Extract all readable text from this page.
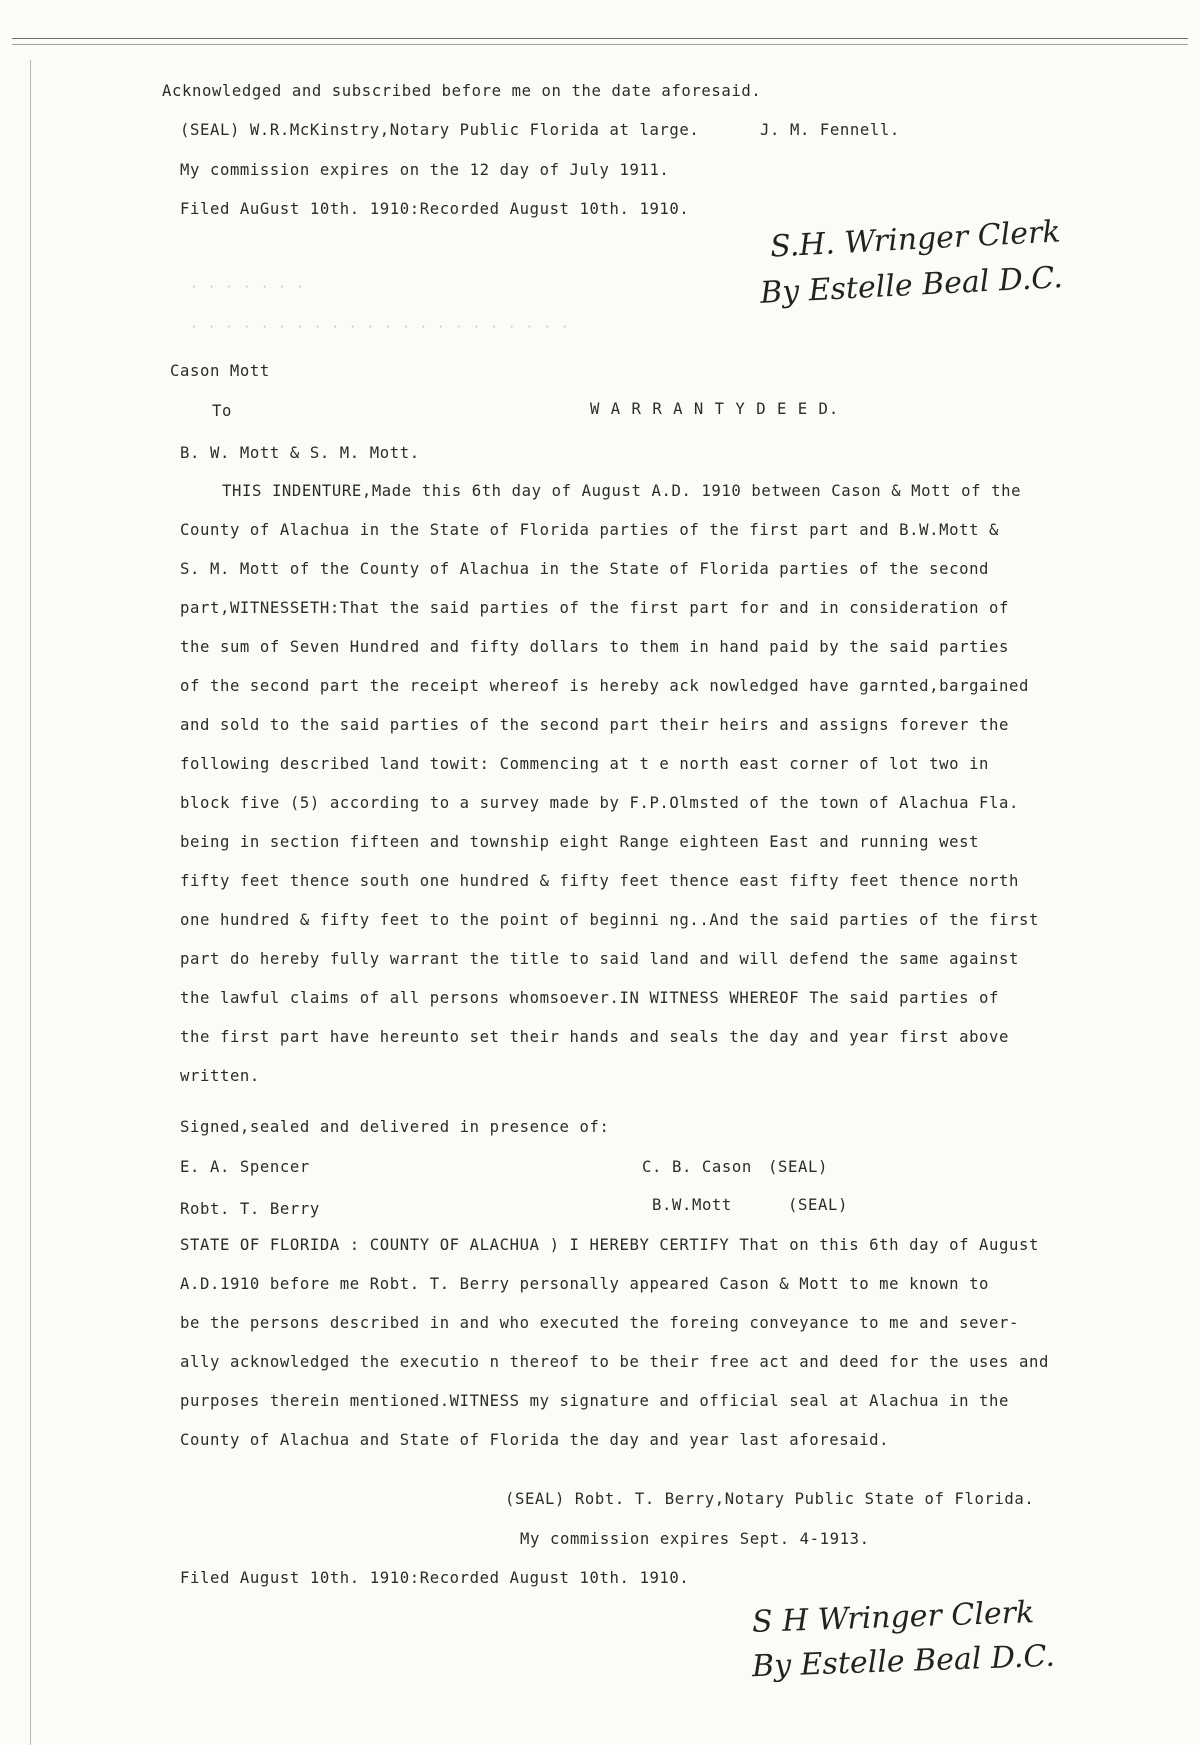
Acknowledged and subscribed before me on the date aforesaid.
(SEAL) W.R.McKinstry,Notary Public Florida at large.	J. M. Fennell.
My commission expires on the 12 day of July 1911.
Filed AuGust 10th. 1910:Recorded August 10th. 1910.
S.H. Wringer Clerk
By Estelle Beal D.C.
· · · · · · ·
· · · · · · · · · · · · · · · · · · · · · ·
Cason Mott
To	W A R R A N T Y D E E D.
B. W. Mott & S. M. Mott.
THIS INDENTURE,Made this 6th day of August A.D. 1910 between Cason & Mott of the
County of Alachua in the State of Florida parties of the first part and B.W.Mott &
S. M. Mott of the County of Alachua in the State of Florida parties of the second
part,WITNESSETH:That the said parties of the first part for and in consideration of
the sum of Seven Hundred and fifty dollars to them in hand paid by the said parties
of the second part the receipt whereof is hereby ack nowledged have garnted,bargained
and sold to the said parties of the second part their heirs and assigns forever the
following described land towit: Commencing at t e north east corner of lot two in
block five (5) according to a survey made by F.P.Olmsted of the town of Alachua Fla.
being in section fifteen and township eight Range eighteen East and running west
fifty feet thence south one hundred & fifty feet thence east fifty feet thence north
one hundred & fifty feet to the point of beginni ng..And the said parties of the first
part do hereby fully warrant the title to said land and will defend the same against
the lawful claims of all persons whomsoever.IN WITNESS WHEREOF The said parties of
the first part have hereunto set their hands and seals the day and year first above
written.
Signed,sealed and delivered in presence of:
E. A. Spencer	C. B. Cason (SEAL)
Robt. T. Berry	B.W.Mott	(SEAL)
STATE OF FLORIDA : COUNTY OF ALACHUA ) I HEREBY CERTIFY That on this 6th day of August
A.D.1910 before me Robt. T. Berry personally appeared Cason & Mott to me known to
be the persons described in and who executed the foreing conveyance to me and sever-
ally acknowledged the executio n thereof to be their free act and deed for the uses and
purposes therein mentioned.WITNESS my signature and official seal at Alachua in the
County of Alachua and State of Florida the day and year last aforesaid.
(SEAL) Robt. T. Berry,Notary Public State of Florida.
My commission expires Sept. 4-1913.
Filed August 10th. 1910:Recorded August 10th. 1910.
S H Wringer Clerk
By Estelle Beal D.C.
